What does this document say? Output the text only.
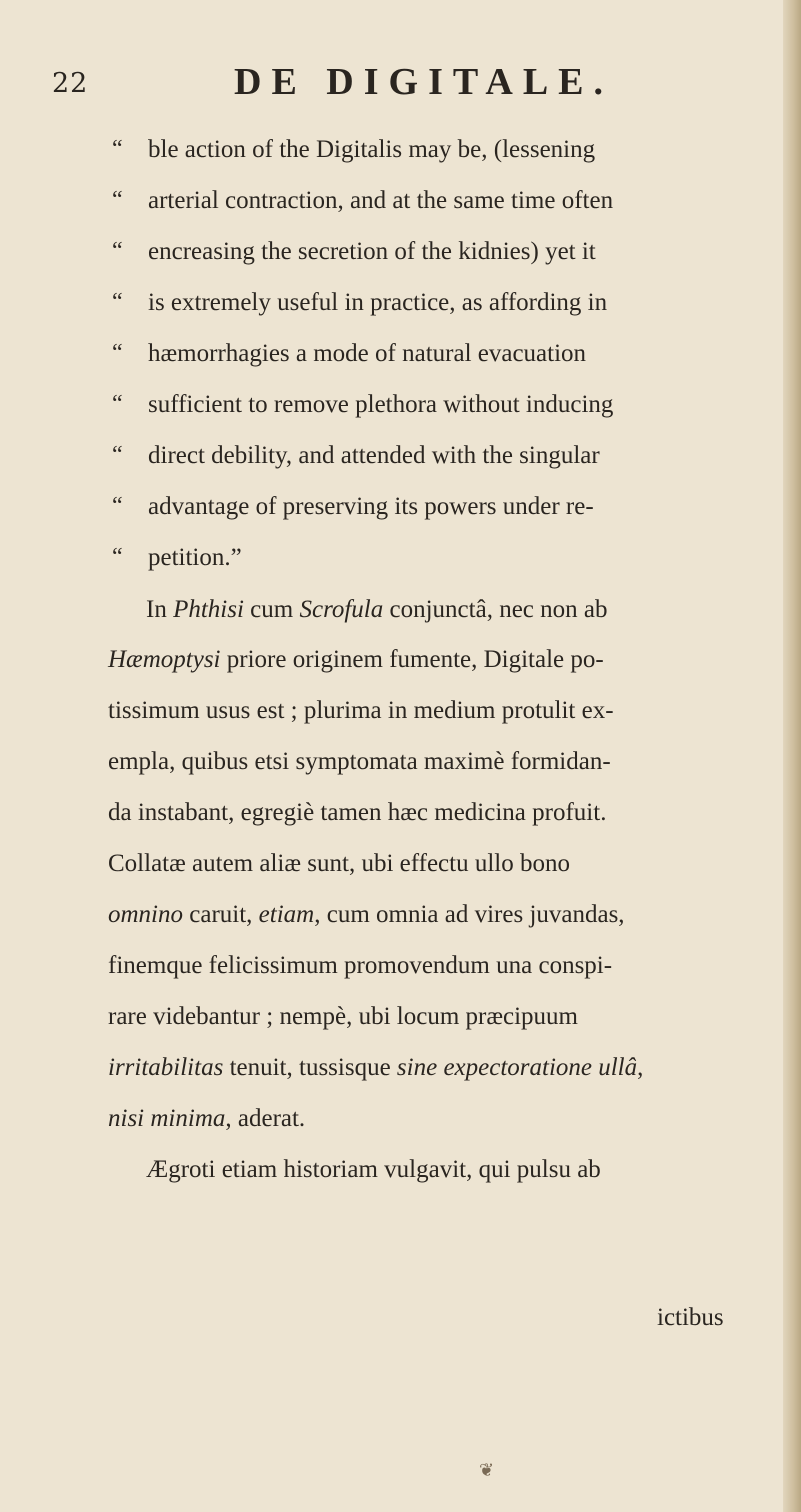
22	DE DIGITALE.
“ ble action of the Digitalis may be, (lessening
“ arterial contraction, and at the same time often
“ encreasing the secretion of the kidnies) yet it
“ is extremely useful in practice, as affording in
“ hæmorrhagies a mode of natural evacuation
“ sufficient to remove plethora without inducing
“ direct debility, and attended with the singular
“ advantage of preserving its powers under re-
“ petition.”
In Phthisi cum Scrofula conjunctâ, nec non ab
Hæmoptysi priore originem fumente, Digitale po-
tissimum usus est ; plurima in medium protulit ex-
empla, quibus etsi symptomata maximè formidan-
da instabant, egregiè tamen hæc medicina profuit.
Collatæ autem aliæ sunt, ubi effectu ullo bono
omnino caruit, etiam, cum omnia ad vires juvandas,
finemque felicissimum promovendum una conspi-
rare videbantur ; nempè, ubi locum præcipuum
irritabilitas tenuit, tussisque sine expectoratione ullâ,
nisi minima, aderat.
Ægroti etiam historiam vulgavit, qui pulsu ab
ictibus
❦
